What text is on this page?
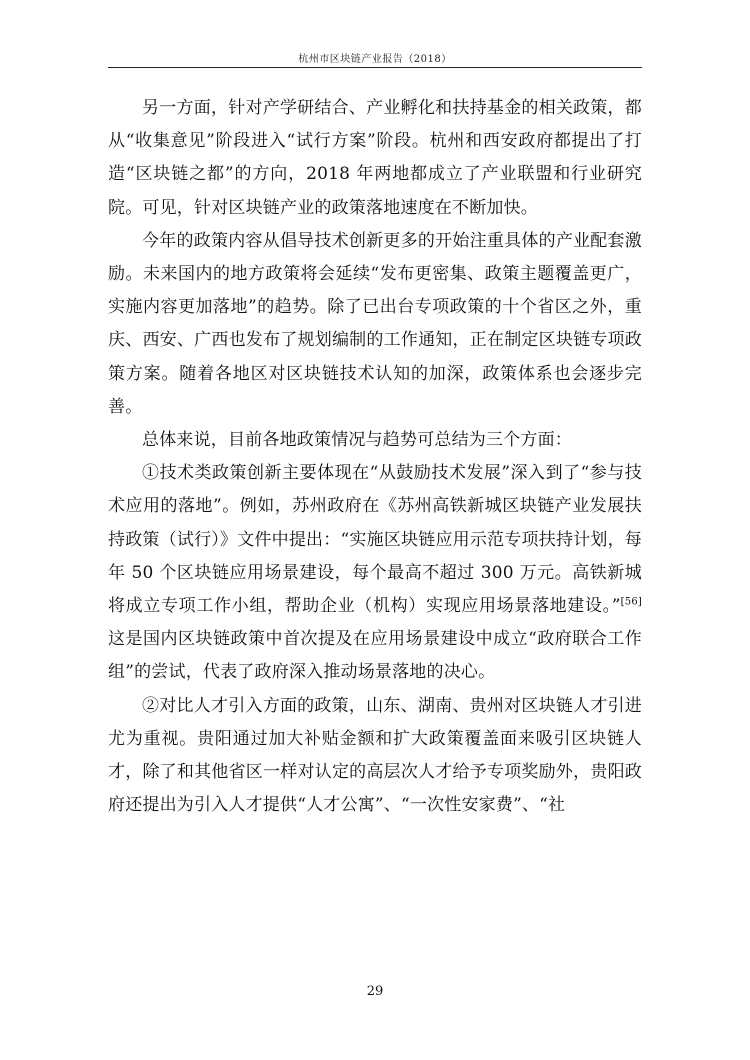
杭州市区块链产业报告（2018）

另一方面，针对产学研结合、产业孵化和扶持基金的相关政策，都从“收集意见”阶段进入“试行方案”阶段。杭州和西安政府都提出了打造“区块链之都”的方向，2018 年两地都成立了产业联盟和行业研究院。可见，针对区块链产业的政策落地速度在不断加快。

今年的政策内容从倡导技术创新更多的开始注重具体的产业配套激励。未来国内的地方政策将会延续“发布更密集、政策主题覆盖更广，实施内容更加落地”的趋势。除了已出台专项政策的十个省区之外，重庆、西安、广西也发布了规划编制的工作通知，正在制定区块链专项政策方案。随着各地区对区块链技术认知的加深，政策体系也会逐步完善。

总体来说，目前各地政策情况与趋势可总结为三个方面：

①技术类政策创新主要体现在“从鼓励技术发展”深入到了“参与技术应用的落地”。例如，苏州政府在《苏州高铁新城区块链产业发展扶持政策（试行）》文件中提出：“实施区块链应用示范专项扶持计划，每年 50 个区块链应用场景建设，每个最高不超过 300 万元。高铁新城将成立专项工作小组，帮助企业（机构）实现应用场景落地建设。”[56]这是国内区块链政策中首次提及在应用场景建设中成立“政府联合工作组”的尝试，代表了政府深入推动场景落地的决心。

②对比人才引入方面的政策，山东、湖南、贵州对区块链人才引进尤为重视。贵阳通过加大补贴金额和扩大政策覆盖面来吸引区块链人才，除了和其他省区一样对认定的高层次人才给予专项奖励外，贵阳政府还提出为引入人才提供“人才公寓”、“一次性安家费”、“社

29
